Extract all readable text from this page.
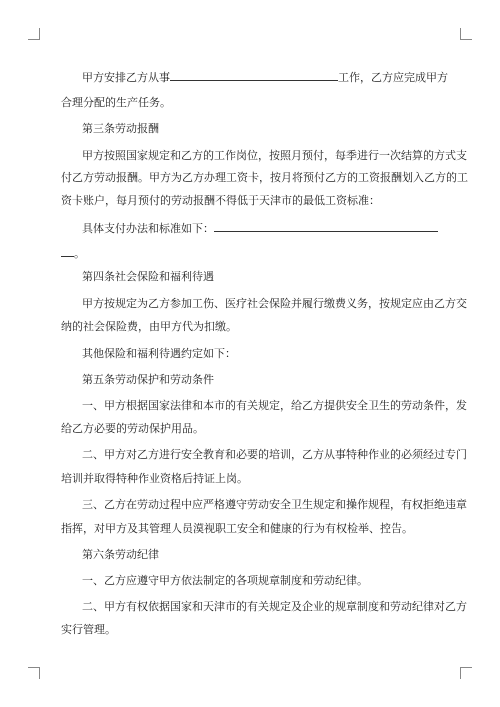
甲方安排乙方从事	工作，乙方应完成甲方
合理分配的生产任务。
第三条劳动报酬
甲方按照国家规定和乙方的工作岗位，按照月预付，每季进行一次结算的方式支
付乙方劳动报酬。甲方为乙方办理工资卡，按月将预付乙方的工资报酬划入乙方的工
资卡账户，每月预付的劳动报酬不得低于天津市的最低工资标准：
具体支付办法和标准如下：
。
第四条社会保险和福利待遇
甲方按规定为乙方参加工伤、医疗社会保险并履行缴费义务，按规定应由乙方交
纳的社会保险费，由甲方代为扣缴。
其他保险和福利待遇约定如下：
第五条劳动保护和劳动条件
一、甲方根据国家法律和本市的有关规定，给乙方提供安全卫生的劳动条件，发
给乙方必要的劳动保护用品。
二、甲方对乙方进行安全教育和必要的培训，乙方从事特种作业的必须经过专门
培训并取得特种作业资格后持证上岗。
三、乙方在劳动过程中应严格遵守劳动安全卫生规定和操作规程，有权拒绝违章
指挥，对甲方及其管理人员漠视职工安全和健康的行为有权检举、控告。
第六条劳动纪律
一、乙方应遵守甲方依法制定的各项规章制度和劳动纪律。
二、甲方有权依据国家和天津市的有关规定及企业的规章制度和劳动纪律对乙方
实行管理。
